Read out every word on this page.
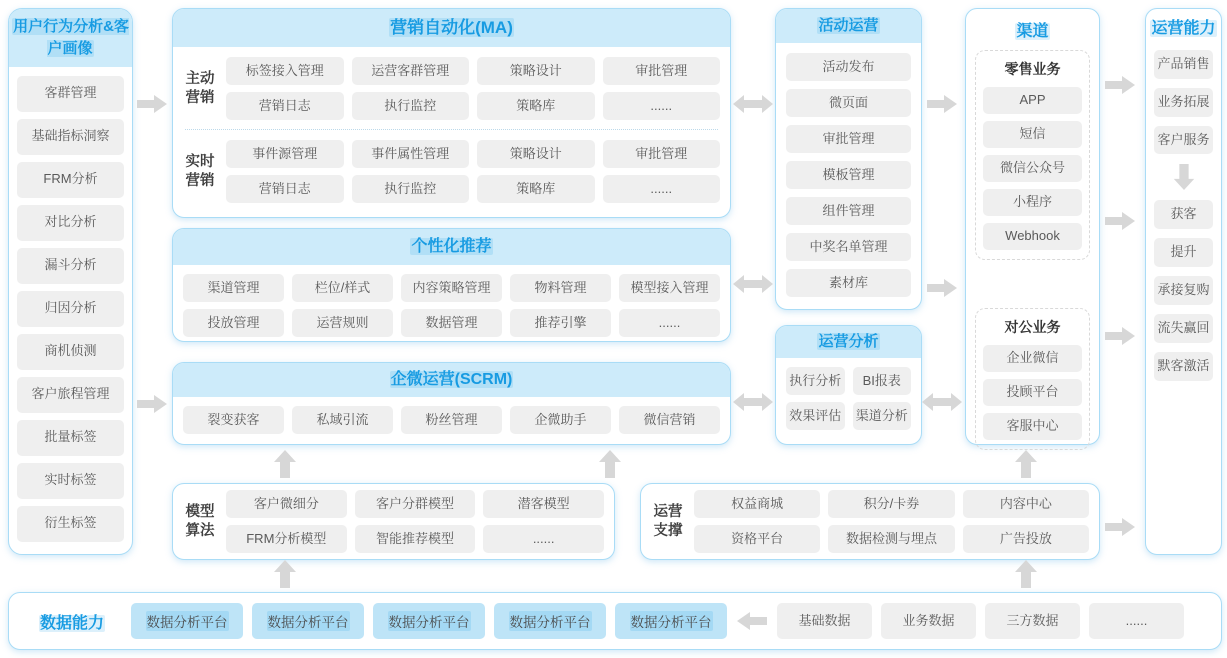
用户行为分析&客户画像
客群管理
基础指标洞察
FRM分析
对比分析
漏斗分析
归因分析
商机侦测
客户旅程管理
批量标签
实时标签
衍生标签
营销自动化(MA)
主动营销
标签接入管理	运营客群管理	策略设计	审批管理
营销日志	执行监控	策略库	......
实时营销
事件源管理	事件属性管理	策略设计	审批管理
营销日志	执行监控	策略库	......
个性化推荐
渠道管理	栏位/样式	内容策略管理	物料管理	模型接入管理
投放管理	运营规则	数据管理	推荐引擎	......
企微运营(SCRM)
裂变获客	私域引流	粉丝管理	企微助手	微信营销
模型算法
客户微细分	客户分群模型	潜客模型
FRM分析模型	智能推荐模型	......
运营支撑
权益商城	积分/卡券	内容中心
资格平台	数据检测与埋点	广告投放
活动运营
活动发布
微页面
审批管理
模板管理
组件管理
中奖名单管理
素材库
运营分析
执行分析 BI报表
效果评估 渠道分析
渠道
零售业务
APP
短信
微信公众号
小程序
Webhook
对公业务
企业微信
投顾平台
客服中心
运营能力
产品销售
业务拓展
客户服务
获客
提升
承接复购
流失赢回
默客激活
数据能力	数据分析平台	数据分析平台	数据分析平台	数据分析平台	数据分析平台	基础数据	业务数据	三方数据	......
